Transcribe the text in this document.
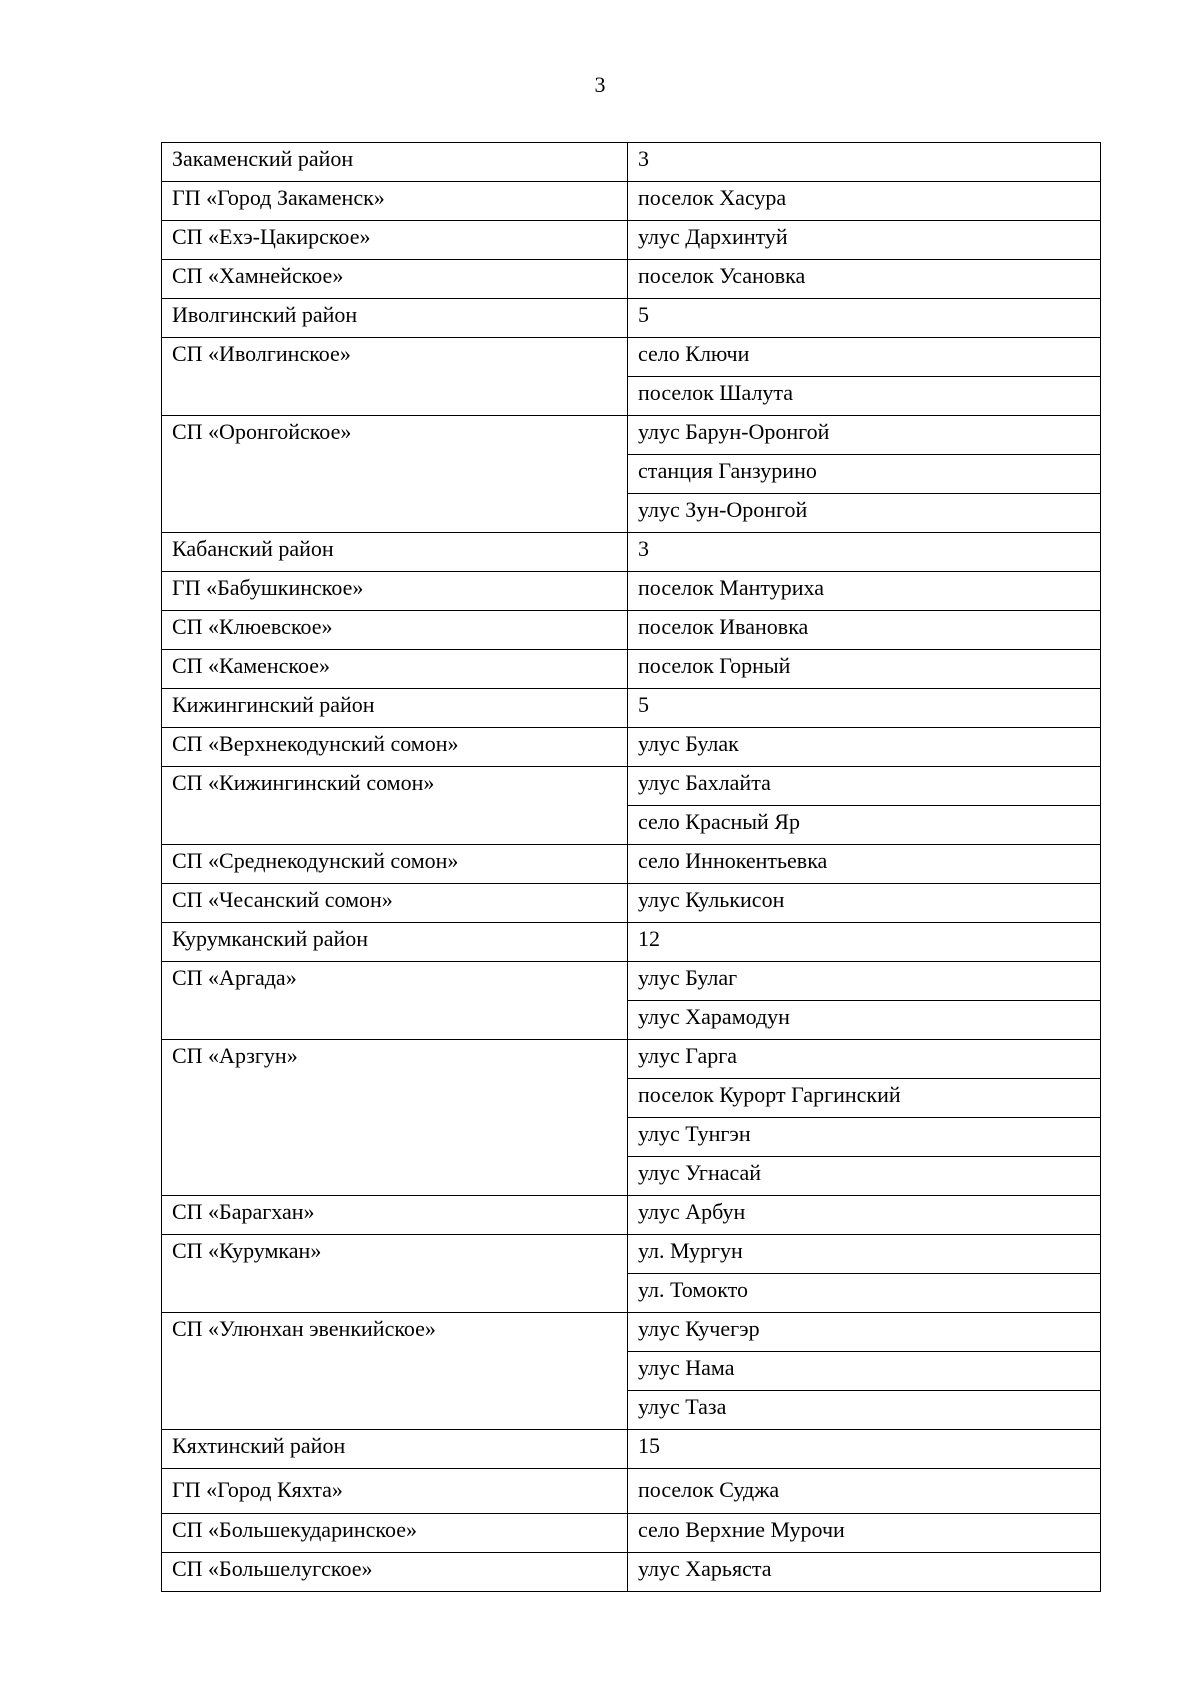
3
Закаменский район	3
ГП «Город Закаменск»	поселок Хасура
СП «Ехэ-Цакирское»	улус Дархинтуй
СП «Хамнейское»	поселок Усановка
Иволгинский район	5
СП «Иволгинское»	село Ключи
	поселок Шалута
СП «Оронгойское»	улус Барун-Оронгой
	станция Ганзурино
	улус Зун-Оронгой
Кабанский район	3
ГП «Бабушкинское»	поселок Мантуриха
СП «Клюевское»	поселок Ивановка
СП «Каменское»	поселок Горный
Кижингинский район	5
СП «Верхнекодунский сомон»	улус Булак
СП «Кижингинский сомон»	улус Бахлайта
	село Красный Яр
СП «Среднекодунский сомон»	село Иннокентьевка
СП «Чесанский сомон»	улус Кулькисон
Курумканский район	12
СП «Аргада»	улус Булаг
	улус Харамодун
СП «Арзгун»	улус Гарга
	поселок Курорт Гаргинский
	улус Тунгэн
	улус Угнасай
СП «Барагхан»	улус Арбун
СП «Курумкан»	ул. Мургун
	ул. Томокто
СП «Улюнхан эвенкийское»	улус Кучегэр
	улус Нама
	улус Таза
Кяхтинский район	15
ГП «Город Кяхта»	поселок Суджа
СП «Большекударинское»	село Верхние Мурочи
СП «Большелугское»	улус Харьяста
